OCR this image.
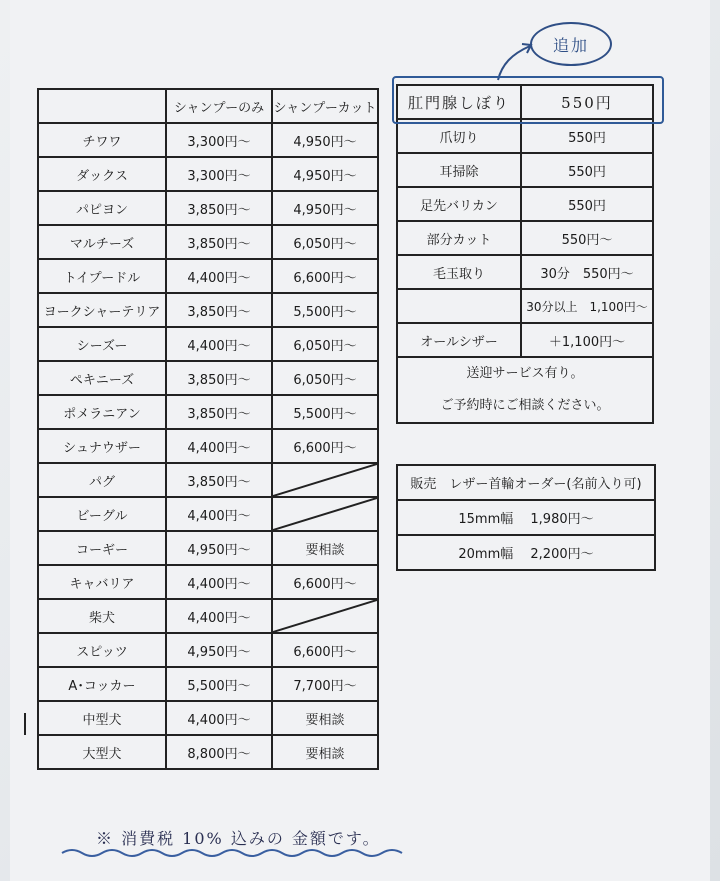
	シャンプーのみ	シャンプーカット
チワワ	3,300円～	4,950円～
ダックス	3,300円～	4,950円～
パピヨン	3,850円～	4,950円～
マルチーズ	3,850円～	6,050円～
トイプードル	4,400円～	6,600円～
ヨークシャーテリア	3,850円～	5,500円～
シーズー	4,400円～	6,050円～
ペキニーズ	3,850円～	6,050円～
ポメラニアン	3,850円～	5,500円～
シュナウザー	4,400円～	6,600円～
パグ	3,850円～	

ビーグル	4,400円～	

コーギー	4,950円～	要相談
キャバリア	4,400円～	6,600円～
柴犬	4,400円～	

スピッツ	4,950円～	6,600円～
A･コッカー	5,500円～	7,700円～
中型犬	4,400円～	要相談
大型犬	8,800円～	要相談
追加
肛門腺しぼり	550円
爪切り	550円
耳掃除	550円
足先バリカン	550円
部分カット	550円～
毛玉取り	30分　550円～
	30分以上　1,100円～
オールシザー	＋1,100円～

送迎サービス有り。
ご予約時にご相談ください。	
販売　レザー首輪オーダー(名前入り可)
15mm幅　 1,980円～
20mm幅　 2,200円～
※ 消費税 10% 込みの 金額です。
